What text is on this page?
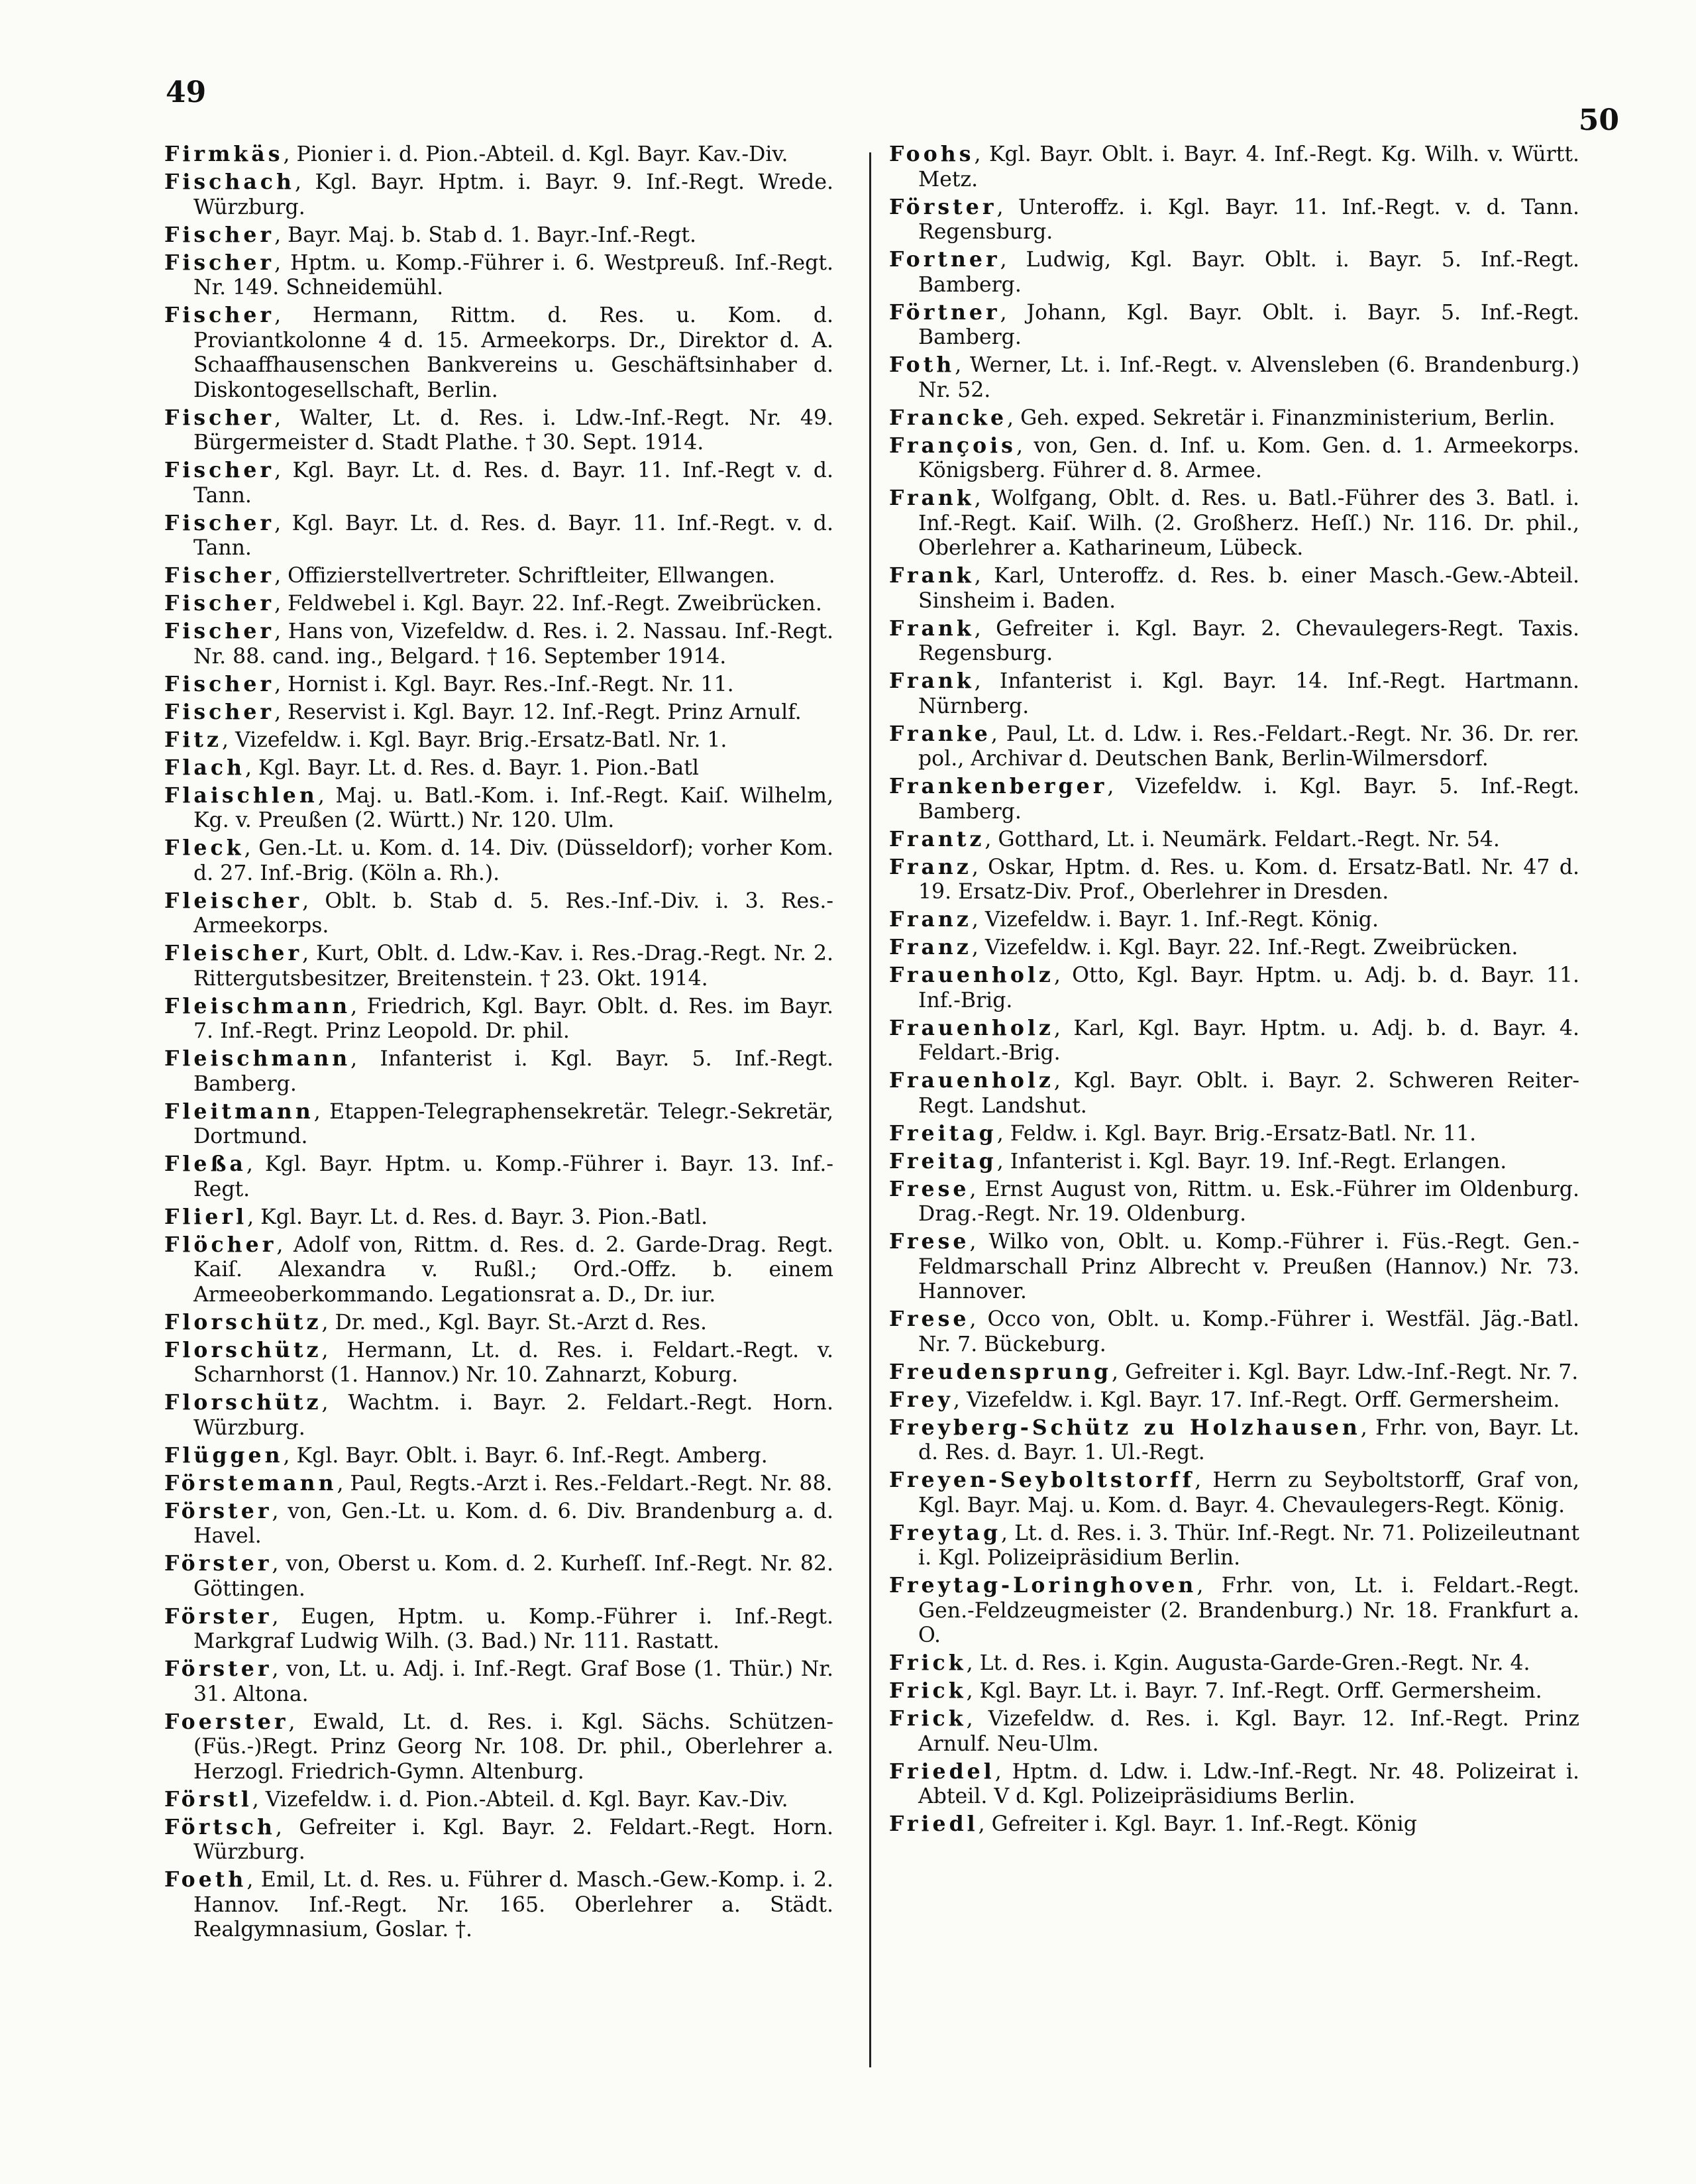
49
50

Firmkäs, Pionier i. d. Pion.-Abteil. d. Kgl. Bayr. Kav.-Div.

Fischach, Kgl. Bayr. Hptm. i. Bayr. 9. Inf.-Regt. Wrede. Würzburg.

Fischer, Bayr. Maj. b. Stab d. 1. Bayr.-Inf.-Regt.

Fischer, Hptm. u. Komp.-Führer i. 6. Westpreuß. Inf.-Regt. Nr. 149. Schneidemühl.

Fischer, Hermann, Rittm. d. Res. u. Kom. d. Proviantkolonne 4 d. 15. Armeekorps. Dr., Direktor d. A. Schaaffhausenschen Bankvereins u. Geschäftsinhaber d. Diskontogesellschaft, Berlin.

Fischer, Walter, Lt. d. Res. i. Ldw.-Inf.-Regt. Nr. 49. Bürgermeister d. Stadt Plathe. † 30. Sept. 1914.

Fischer, Kgl. Bayr. Lt. d. Res. d. Bayr. 11. Inf.-Regt v. d. Tann.

Fischer, Kgl. Bayr. Lt. d. Res. d. Bayr. 11. Inf.-Regt. v. d. Tann.

Fischer, Offizierstellvertreter. Schriftleiter, Ellwangen.

Fischer, Feldwebel i. Kgl. Bayr. 22. Inf.-Regt. Zweibrücken.

Fischer, Hans von, Vizefeldw. d. Res. i. 2. Nassau. Inf.-Regt. Nr. 88. cand. ing., Belgard. † 16. September 1914.

Fischer, Hornist i. Kgl. Bayr. Res.-Inf.-Regt. Nr. 11.

Fischer, Reservist i. Kgl. Bayr. 12. Inf.-Regt. Prinz Arnulf.

Fitz, Vizefeldw. i. Kgl. Bayr. Brig.-Ersatz-Batl. Nr. 1.

Flach, Kgl. Bayr. Lt. d. Res. d. Bayr. 1. Pion.-Batl

Flaischlen, Maj. u. Batl.-Kom. i. Inf.-Regt. Kaiſ. Wilhelm, Kg. v. Preußen (2. Württ.) Nr. 120. Ulm.

Fleck, Gen.-Lt. u. Kom. d. 14. Div. (Düsseldorf); vorher Kom. d. 27. Inf.-Brig. (Köln a. Rh.).

Fleischer, Oblt. b. Stab d. 5. Res.-Inf.-Div. i. 3. Res.-Armeekorps.

Fleischer, Kurt, Oblt. d. Ldw.-Kav. i. Res.-Drag.-Regt. Nr. 2. Rittergutsbesitzer, Breitenstein. † 23. Okt. 1914.

Fleischmann, Friedrich, Kgl. Bayr. Oblt. d. Res. im Bayr. 7. Inf.-Regt. Prinz Leopold. Dr. phil.

Fleischmann, Infanterist i. Kgl. Bayr. 5. Inf.-Regt. Bamberg.

Fleitmann, Etappen-Telegraphensekretär. Telegr.-Sekretär, Dortmund.

Fleßa, Kgl. Bayr. Hptm. u. Komp.-Führer i. Bayr. 13. Inf.-Regt.

Flierl, Kgl. Bayr. Lt. d. Res. d. Bayr. 3. Pion.-Batl.

Flöcher, Adolf von, Rittm. d. Res. d. 2. Garde-Drag. Regt. Kaiſ. Alexandra v. Rußl.; Ord.-Offz. b. einem Armeeoberkommando. Legationsrat a. D., Dr. iur.

Florschütz, Dr. med., Kgl. Bayr. St.-Arzt d. Res.

Florschütz, Hermann, Lt. d. Res. i. Feldart.-Regt. v. Scharnhorst (1. Hannov.) Nr. 10. Zahnarzt, Koburg.

Florschütz, Wachtm. i. Bayr. 2. Feldart.-Regt. Horn. Würzburg.

Flüggen, Kgl. Bayr. Oblt. i. Bayr. 6. Inf.-Regt. Amberg.

Förstemann, Paul, Regts.-Arzt i. Res.-Feldart.-Regt. Nr. 88.

Förster, von, Gen.-Lt. u. Kom. d. 6. Div. Brandenburg a. d. Havel.

Förster, von, Oberst u. Kom. d. 2. Kurheſſ. Inf.-Regt. Nr. 82. Göttingen.

Förster, Eugen, Hptm. u. Komp.-Führer i. Inf.-Regt. Markgraf Ludwig Wilh. (3. Bad.) Nr. 111. Rastatt.

Förster, von, Lt. u. Adj. i. Inf.-Regt. Graf Bose (1. Thür.) Nr. 31. Altona.

Foerster, Ewald, Lt. d. Res. i. Kgl. Sächs. Schützen-(Füs.-)Regt. Prinz Georg Nr. 108. Dr. phil., Oberlehrer a. Herzogl. Friedrich-Gymn. Altenburg.

Förstl, Vizefeldw. i. d. Pion.-Abteil. d. Kgl. Bayr. Kav.-Div.

Förtsch, Gefreiter i. Kgl. Bayr. 2. Feldart.-Regt. Horn. Würzburg.

Foeth, Emil, Lt. d. Res. u. Führer d. Masch.-Gew.-Komp. i. 2. Hannov. Inf.-Regt. Nr. 165. Oberlehrer a. Städt. Realgymnasium, Goslar. †.

Foohs, Kgl. Bayr. Oblt. i. Bayr. 4. Inf.-Regt. Kg. Wilh. v. Württ. Metz.

Förster, Unteroffz. i. Kgl. Bayr. 11. Inf.-Regt. v. d. Tann. Regensburg.

Fortner, Ludwig, Kgl. Bayr. Oblt. i. Bayr. 5. Inf.-Regt. Bamberg.

Förtner, Johann, Kgl. Bayr. Oblt. i. Bayr. 5. Inf.-Regt. Bamberg.

Foth, Werner, Lt. i. Inf.-Regt. v. Alvensleben (6. Brandenburg.) Nr. 52.

Francke, Geh. exped. Sekretär i. Finanzministerium, Berlin.

François, von, Gen. d. Inf. u. Kom. Gen. d. 1. Armeekorps. Königsberg. Führer d. 8. Armee.

Frank, Wolfgang, Oblt. d. Res. u. Batl.-Führer des 3. Batl. i. Inf.-Regt. Kaiſ. Wilh. (2. Großherz. Heſſ.) Nr. 116. Dr. phil., Oberlehrer a. Katharineum, Lübeck.

Frank, Karl, Unteroffz. d. Res. b. einer Masch.-Gew.-Abteil. Sinsheim i. Baden.

Frank, Gefreiter i. Kgl. Bayr. 2. Chevaulegers-Regt. Taxis. Regensburg.

Frank, Infanterist i. Kgl. Bayr. 14. Inf.-Regt. Hartmann. Nürnberg.

Franke, Paul, Lt. d. Ldw. i. Res.-Feldart.-Regt. Nr. 36. Dr. rer. pol., Archivar d. Deutschen Bank, Berlin-Wilmersdorf.

Frankenberger, Vizefeldw. i. Kgl. Bayr. 5. Inf.-Regt. Bamberg.

Frantz, Gotthard, Lt. i. Neumärk. Feldart.-Regt. Nr. 54.

Franz, Oskar, Hptm. d. Res. u. Kom. d. Ersatz-Batl. Nr. 47 d. 19. Ersatz-Div. Prof., Oberlehrer in Dresden.

Franz, Vizefeldw. i. Bayr. 1. Inf.-Regt. König.

Franz, Vizefeldw. i. Kgl. Bayr. 22. Inf.-Regt. Zweibrücken.

Frauenholz, Otto, Kgl. Bayr. Hptm. u. Adj. b. d. Bayr. 11. Inf.-Brig.

Frauenholz, Karl, Kgl. Bayr. Hptm. u. Adj. b. d. Bayr. 4. Feldart.-Brig.

Frauenholz, Kgl. Bayr. Oblt. i. Bayr. 2. Schweren Reiter-Regt. Landshut.

Freitag, Feldw. i. Kgl. Bayr. Brig.-Ersatz-Batl. Nr. 11.

Freitag, Infanterist i. Kgl. Bayr. 19. Inf.-Regt. Erlangen.

Frese, Ernst August von, Rittm. u. Esk.-Führer im Oldenburg. Drag.-Regt. Nr. 19. Oldenburg.

Frese, Wilko von, Oblt. u. Komp.-Führer i. Füs.-Regt. Gen.-Feldmarschall Prinz Albrecht v. Preußen (Hannov.) Nr. 73. Hannover.

Frese, Occo von, Oblt. u. Komp.-Führer i. Westfäl. Jäg.-Batl. Nr. 7. Bückeburg.

Freudensprung, Gefreiter i. Kgl. Bayr. Ldw.-Inf.-Regt. Nr. 7.

Frey, Vizefeldw. i. Kgl. Bayr. 17. Inf.-Regt. Orff. Germersheim.

Freyberg-Schütz zu Holzhausen, Frhr. von, Bayr. Lt. d. Res. d. Bayr. 1. Ul.-Regt.

Freyen-Seyboltstorff, Herrn zu Seyboltstorff, Graf von, Kgl. Bayr. Maj. u. Kom. d. Bayr. 4. Chevaulegers-Regt. König.

Freytag, Lt. d. Res. i. 3. Thür. Inf.-Regt. Nr. 71. Polizeileutnant i. Kgl. Polizeipräsidium Berlin.

Freytag-Loringhoven, Frhr. von, Lt. i. Feldart.-Regt. Gen.-Feldzeugmeister (2. Brandenburg.) Nr. 18. Frankfurt a. O.

Frick, Lt. d. Res. i. Kgin. Augusta-Garde-Gren.-Regt. Nr. 4.

Frick, Kgl. Bayr. Lt. i. Bayr. 7. Inf.-Regt. Orff. Germersheim.

Frick, Vizefeldw. d. Res. i. Kgl. Bayr. 12. Inf.-Regt. Prinz Arnulf. Neu-Ulm.

Friedel, Hptm. d. Ldw. i. Ldw.-Inf.-Regt. Nr. 48. Polizeirat i. Abteil. V d. Kgl. Polizeipräsidiums Berlin.

Friedl, Gefreiter i. Kgl. Bayr. 1. Inf.-Regt. König
